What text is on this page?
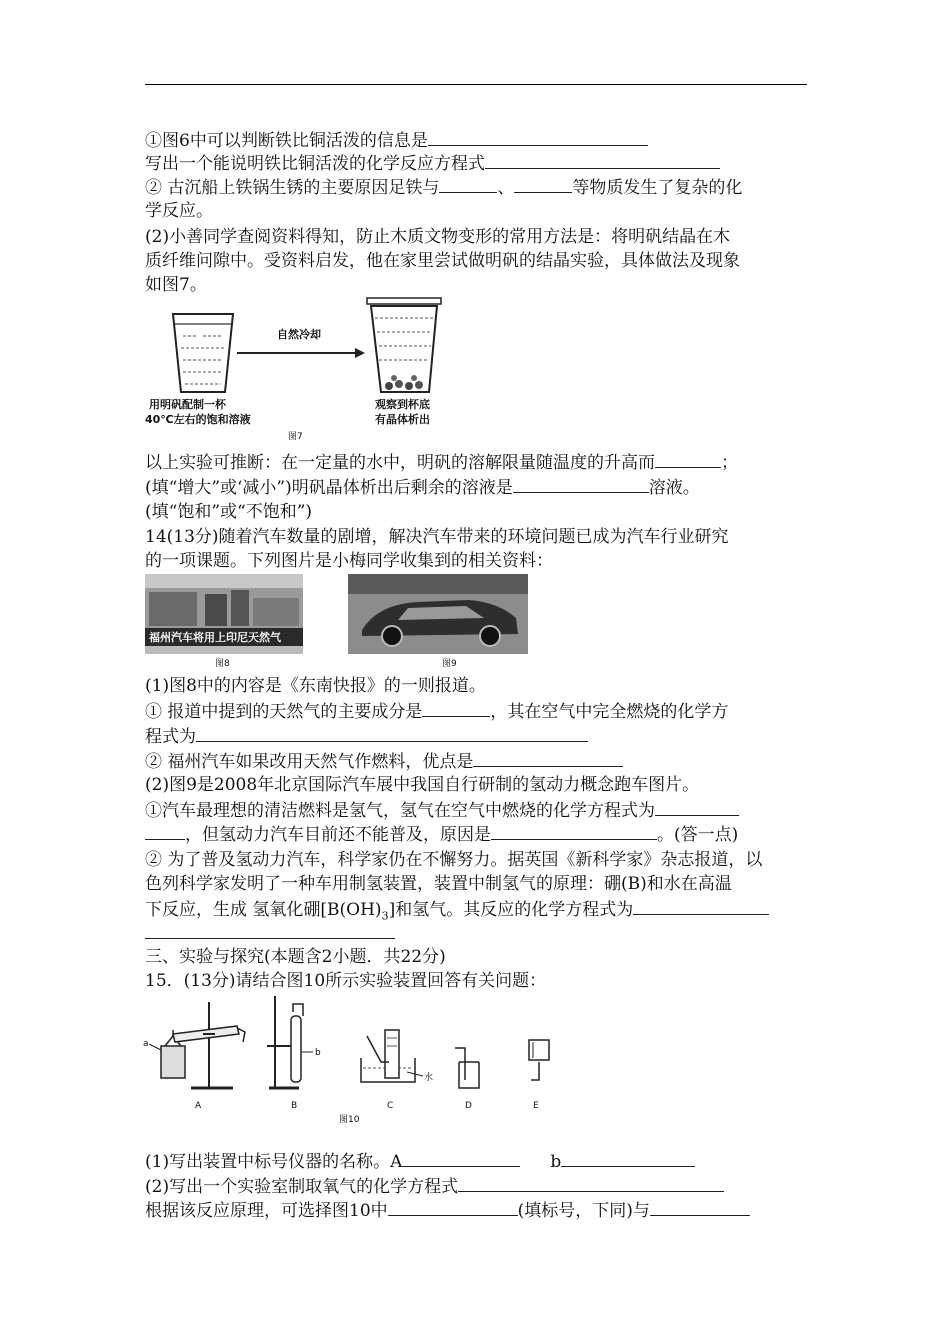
①图6中可以判断铁比铜活泼的信息是
写出一个能说明铁比铜活泼的化学反应方程式
② 古沉船上铁锅生锈的主要原因足铁与	、	等物质发生了复杂的化
学反应。
(2)小善同学查阅资料得知，防止木质文物变形的常用方法是：将明矾结晶在木
质纤维问隙中。受资料启发，他在家里尝试做明矾的结晶实验，具体做法及现象
如图7。
自然冷却
用明矾配制一杯
40℃左右的饱和溶液
观察到杯底
有晶体析出
图7
以上实验可推断：在一定量的水中，明矾的溶解限量随温度的升高而	；
(填“增大”或‘减小”)明矾晶体析出后剩余的溶液是	溶液。
(填“饱和”或“不饱和”)
14(13分)随着汽车数量的剧增，解决汽车带来的环境问题已成为汽车行业研究
的一项课题。下列图片是小梅同学收集到的相关资料：
福州汽车将用上印尼天然气
图8	图9
(1)图8中的内容是《东南快报》的一则报道。
① 报道中提到的天然气的主要成分是	，其在空气中完全燃烧的化学方
程式为
② 福州汽车如果改用天然气作燃料，优点是
(2)图9是2008年北京国际汽车展中我国自行研制的氢动力概念跑车图片。
①汽车最理想的清洁燃料是氢气，氢气在空气中燃烧的化学方程式为
，但氢动力汽车目前还不能普及，原因是	。(答一点)
② 为了普及氢动力汽车，科学家仍在不懈努力。据英国《新科学家》杂志报道，以
色列科学家发明了一种车用制氢装置，装置中制氢气的原理：硼(B)和水在高温
下反应，生成 氢氧化硼$[B(OH)_3]$和氢气。其反应的化学方程式为
三、实验与探究(本题含2小题．共22分)
15．(13分)请结合图10所示实验装置回答有关问题：
a
b
水
A	B	C	D	E
图10
(1)写出装置中标号仪器的名称。A	b
(2)写出一个实验室制取氧气的化学方程式
根据该反应原理，可选择图10中	(填标号，下同)与
